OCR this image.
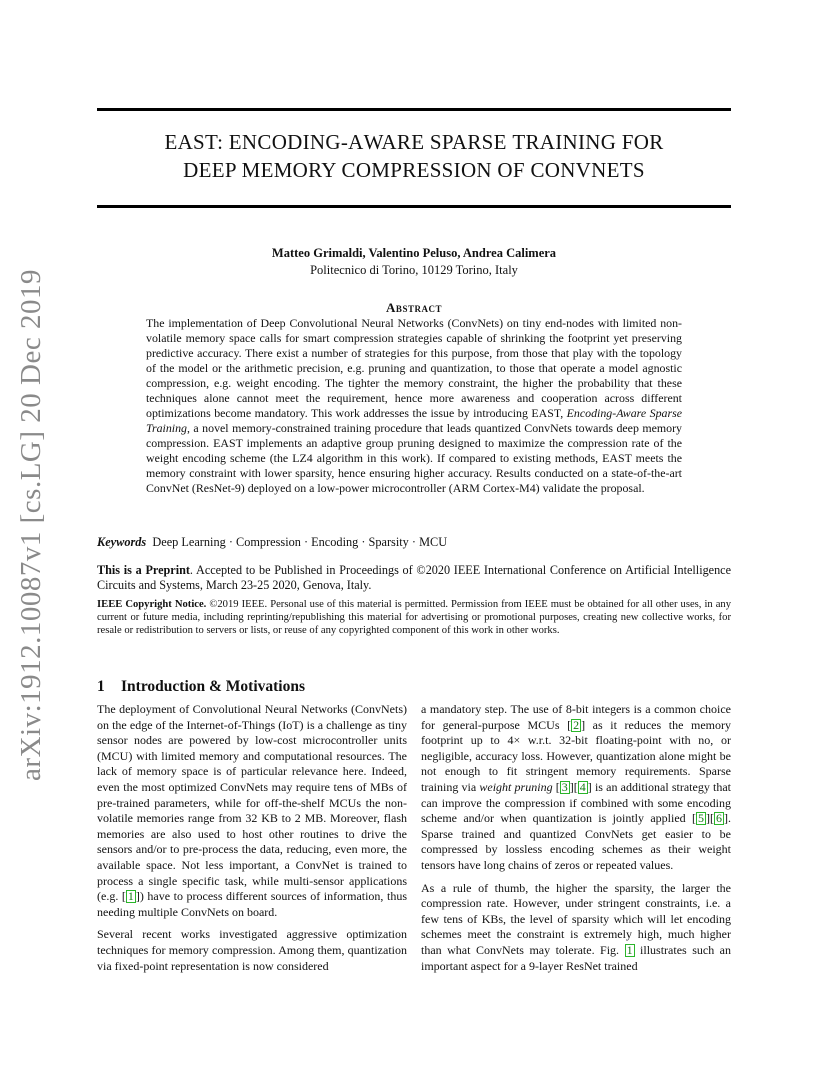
arXiv:1912.10087v1 [cs.LG] 20 Dec 2019
EAST: ENCODING-AWARE SPARSE TRAINING FOR
DEEP MEMORY COMPRESSION OF CONVNETS
Matteo Grimaldi, Valentino Peluso, Andrea Calimera
Politecnico di Torino, 10129 Torino, Italy
Abstract
The implementation of Deep Convolutional Neural Networks (ConvNets) on tiny end-nodes with limited non-volatile memory space calls for smart compression strategies capable of shrinking the footprint yet preserving predictive accuracy. There exist a number of strategies for this purpose, from those that play with the topology of the model or the arithmetic precision, e.g. pruning and quantization, to those that operate a model agnostic compression, e.g. weight encoding. The tighter the memory constraint, the higher the probability that these techniques alone cannot meet the requirement, hence more awareness and cooperation across different optimizations become mandatory. This work addresses the issue by introducing EAST, Encoding-Aware Sparse Training, a novel memory-constrained training procedure that leads quantized ConvNets towards deep memory compression. EAST implements an adaptive group pruning designed to maximize the compression rate of the weight encoding scheme (the LZ4 algorithm in this work). If compared to existing methods, EAST meets the memory constraint with lower sparsity, hence ensuring higher accuracy. Results conducted on a state-of-the-art ConvNet (ResNet-9) deployed on a low-power microcontroller (ARM Cortex-M4) validate the proposal.
Keywords Deep Learning · Compression · Encoding · Sparsity · MCU
This is a Preprint. Accepted to be Published in Proceedings of ©2020 IEEE International Conference on Artificial Intelligence Circuits and Systems, March 23-25 2020, Genova, Italy.
IEEE Copyright Notice. ©2019 IEEE. Personal use of this material is permitted. Permission from IEEE must be obtained for all other uses, in any current or future media, including reprinting/republishing this material for advertising or promotional purposes, creating new collective works, for resale or redistribution to servers or lists, or reuse of any copyrighted component of this work in other works.
1 Introduction & Motivations

The deployment of Convolutional Neural Networks (ConvNets) on the edge of the Internet-of-Things (IoT) is a challenge as tiny sensor nodes are powered by low-cost microcontroller units (MCU) with limited memory and computational resources. The lack of memory space is of particular relevance here. Indeed, even the most optimized ConvNets may require tens of MBs of pre-trained parameters, while for off-the-shelf MCUs the non-volatile memories range from 32 KB to 2 MB. Moreover, flash memories are also used to host other routines to drive the sensors and/or to pre-process the data, reducing, even more, the available space. Not less important, a ConvNet is trained to process a single specific task, while multi-sensor applications (e.g. [ 1 ]) have to process different sources of information, thus needing multiple ConvNets on board.

Several recent works investigated aggressive optimization techniques for memory compression. Among them, quantization via fixed-point representation is now considered

a mandatory step. The use of 8-bit integers is a common choice for general-purpose MCUs [ 2 ] as it reduces the memory footprint up to 4× w.r.t. 32-bit floating-point with no, or negligible, accuracy loss. However, quantization alone might be not enough to fit stringent memory requirements. Sparse training via weight pruning [ 3 ][ 4 ] is an additional strategy that can improve the compression if combined with some encoding scheme and/or when quantization is jointly applied [ 5 ][ 6 ]. Sparse trained and quantized ConvNets get easier to be compressed by lossless encoding schemes as their weight tensors have long chains of zeros or repeated values.

As a rule of thumb, the higher the sparsity, the larger the compression rate. However, under stringent constraints, i.e. a few tens of KBs, the level of sparsity which will let encoding schemes meet the constraint is extremely high, much higher than what ConvNets may tolerate. Fig. 1 illustrates such an important aspect for a 9-layer ResNet trained
